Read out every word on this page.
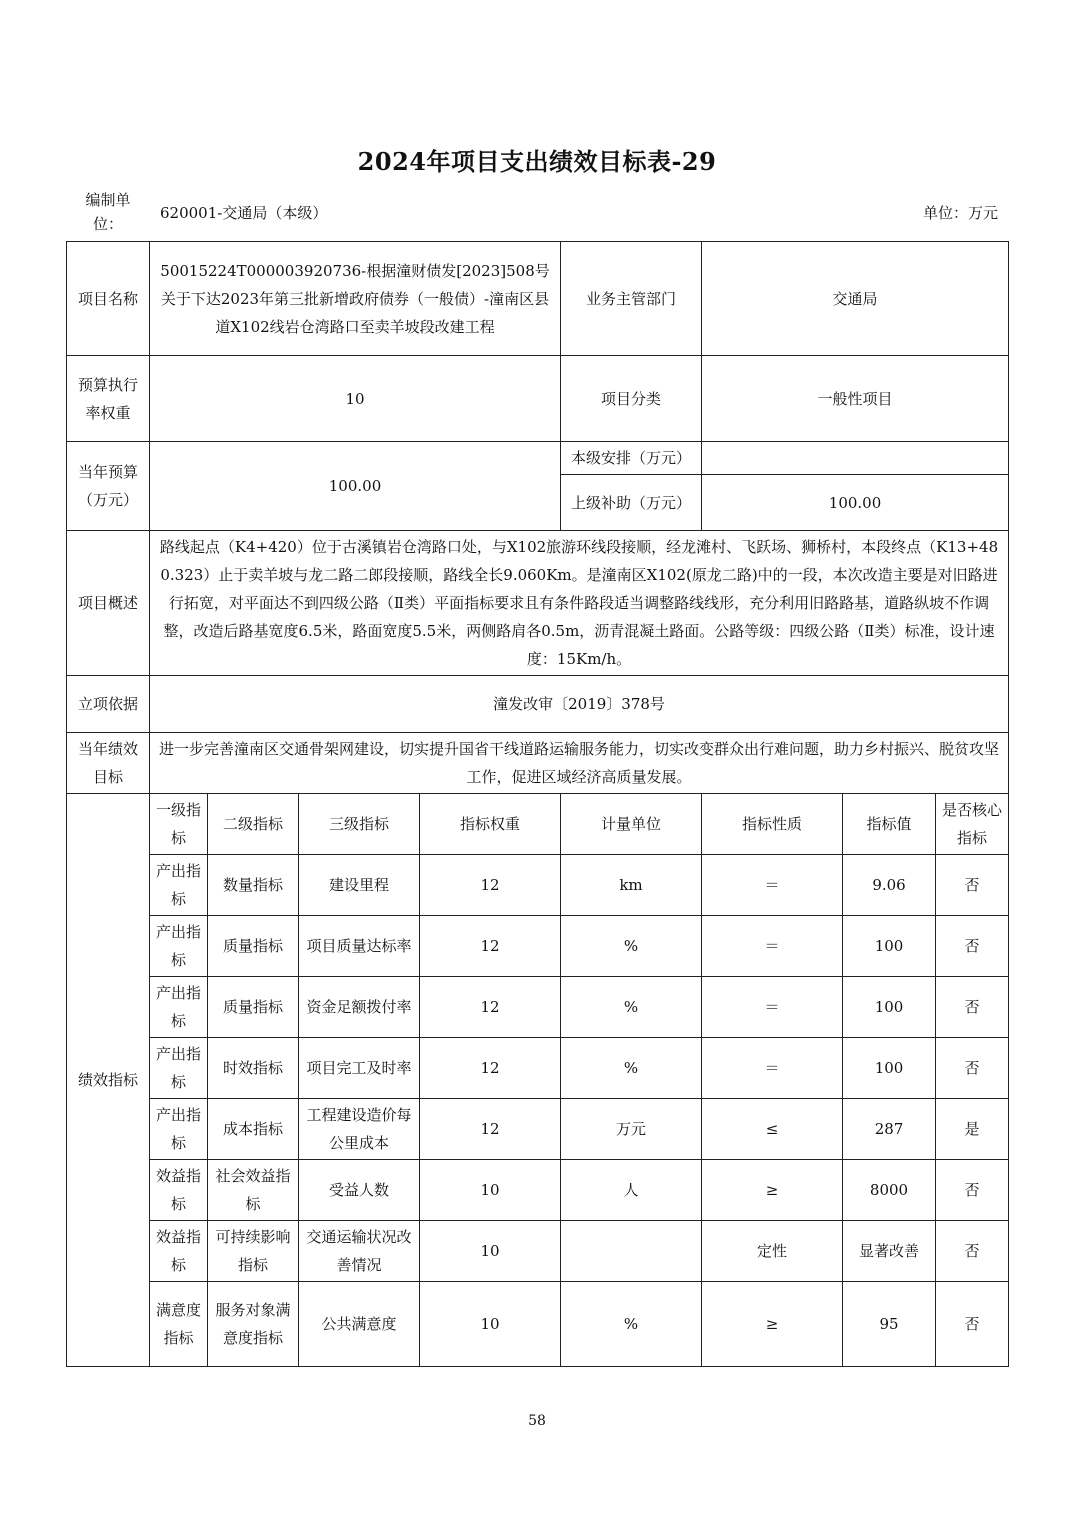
2024年项目支出绩效目标表-29
编制单位：
620001-交通局（本级）	单位：万元
项目名称	50015224T000003920736-根据潼财债发[2023]508号关于下达2023年第三批新增政府债券（一般债）-潼南区县道X102线岩仓湾路口至卖羊坡段改建工程				业务主管部门	交通局		
预算执行率权重	10				项目分类	一般性项目		
当年预算（万元）	100.00				本级安排（万元）			
					上级补助（万元）	100.00		
项目概述	路线起点（K4+420）位于古溪镇岩仓湾路口处，与X102旅游环线段接顺，经龙滩村、飞跃场、狮桥村，本段终点（K13+480.323）止于卖羊坡与龙二路二郎段接顺，路线全长9.060Km。是潼南区X102(原龙二路)中的一段，本次改造主要是对旧路进行拓宽，对平面达不到四级公路（Ⅱ类）平面指标要求且有条件路段适当调整路线线形，充分利用旧路路基，道路纵坡不作调整，改造后路基宽度6.5米，路面宽度5.5米，两侧路肩各0.5m，沥青混凝土路面。公路等级：四级公路（Ⅱ类）标准，设计速度：15Km/h。							
立项依据	潼发改审〔2019〕378号							
当年绩效目标	进一步完善潼南区交通骨架网建设，切实提升国省干线道路运输服务能力，切实改变群众出行难问题，助力乡村振兴、脱贫攻坚工作，促进区域经济高质量发展。							
绩效指标	一级指标	二级指标	三级指标	指标权重	计量单位	指标性质	指标值	是否核心指标
	产出指标	数量指标	建设里程	12	km	＝	9.06	否
	产出指标	质量指标	项目质量达标率	12	%	＝	100	否
	产出指标	质量指标	资金足额拨付率	12	%	＝	100	否
	产出指标	时效指标	项目完工及时率	12	%	＝	100	否
	产出指标	成本指标	工程建设造价每公里成本	12	万元	≤	287	是
	效益指标	社会效益指标	受益人数	10	人	≥	8000	否
	效益指标	可持续影响指标	交通运输状况改善情况	10		定性	显著改善	否
	满意度指标	服务对象满意度指标	公共满意度	10	%	≥	95	否
58
